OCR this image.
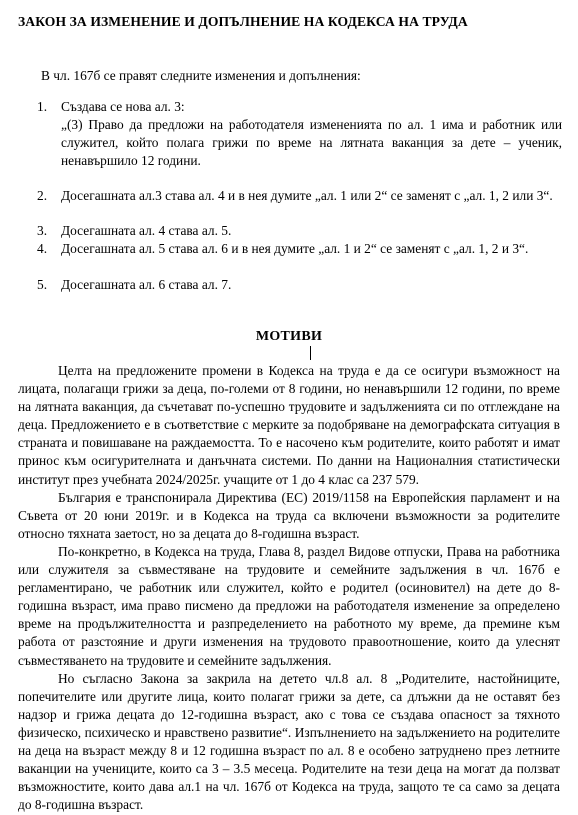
ЗАКОН ЗА ИЗМЕНЕНИЕ И ДОПЪЛНЕНИЕ НА КОДЕКСА НА ТРУДА
В чл. 167б се правят следните изменения и допълнения:
1. Създава се нова ал. 3:
„(3) Право да предложи на работодателя измененията по ал. 1 има и работник или служител, който полага грижи по време на лятната ваканция за дете – ученик, ненавършило 12 години.
2. Досегашната ал.3 става ал. 4 и в нея думите „ал. 1 или 2“ се заменят с „ал. 1, 2 или 3“.
3. Досегашната ал. 4 става ал. 5.
4. Досегашната ал. 5 става ал. 6 и в нея думите „ал. 1 и 2“ се заменят с „ал. 1, 2 и 3“.
5. Досегашната ал. 6 става ал. 7.
МОТИВИ

Целта на предложените промени в Кодекса на труда е да се осигури възможност на лицата, полагащи грижи за деца, по-големи от 8 години, но ненавършили 12 години, по време на лятната ваканция, да съчетават по-успешно трудовите и задълженията си по отглеждане на деца. Предложението е в съответствие с мерките за подобряване на демографската ситуация в страната и повишаване на раждаемостта. То е насочено към родителите, които работят и имат принос към осигурителната и данъчната системи. По данни на Националния статистически институт през учебната 2024/2025г. учащите от 1 до 4 клас са 237 579.

България е транспонирала Директива (ЕС) 2019/1158 на Европейския парламент и на Съвета от 20 юни 2019г. и в Кодекса на труда са включени възможности за родителите относно тяхната заетост, но за децата до 8-годишна възраст.

По-конкретно, в Кодекса на труда, Глава 8, раздел Видове отпуски, Права на работника или служителя за съвместяване на трудовите и семейните задължения в чл. 167б е регламентирано, че работник или служител, който е родител (осиновител) на дете до 8-годишна възраст, има право писмено да предложи на работодателя изменение за определено време на продължителността и разпределението на работното му време, да премине към работа от разстояние и други изменения на трудовото правоотношение, които да улеснят съвместяването на трудовите и семейните задължения.

Но съгласно Закона за закрила на детето чл.8 ал. 8 „Родителите, настойниците, попечителите или другите лица, които полагат грижи за дете, са длъжни да не оставят без надзор и грижа децата до 12-годишна възраст, ако с това се създава опасност за тяхното физическо, психическо и нравствено развитие“. Изпълнението на задължението на родителите на деца на възраст между 8 и 12 годишна възраст по ал. 8 е особено затруднено през летните ваканции на учениците, които са 3 – 3.5 месеца. Родителите на тези деца на могат да ползват възможностите, които дава ал.1 на чл. 167б от Кодекса на труда, защото те са само за децата до 8-годишна възраст.
